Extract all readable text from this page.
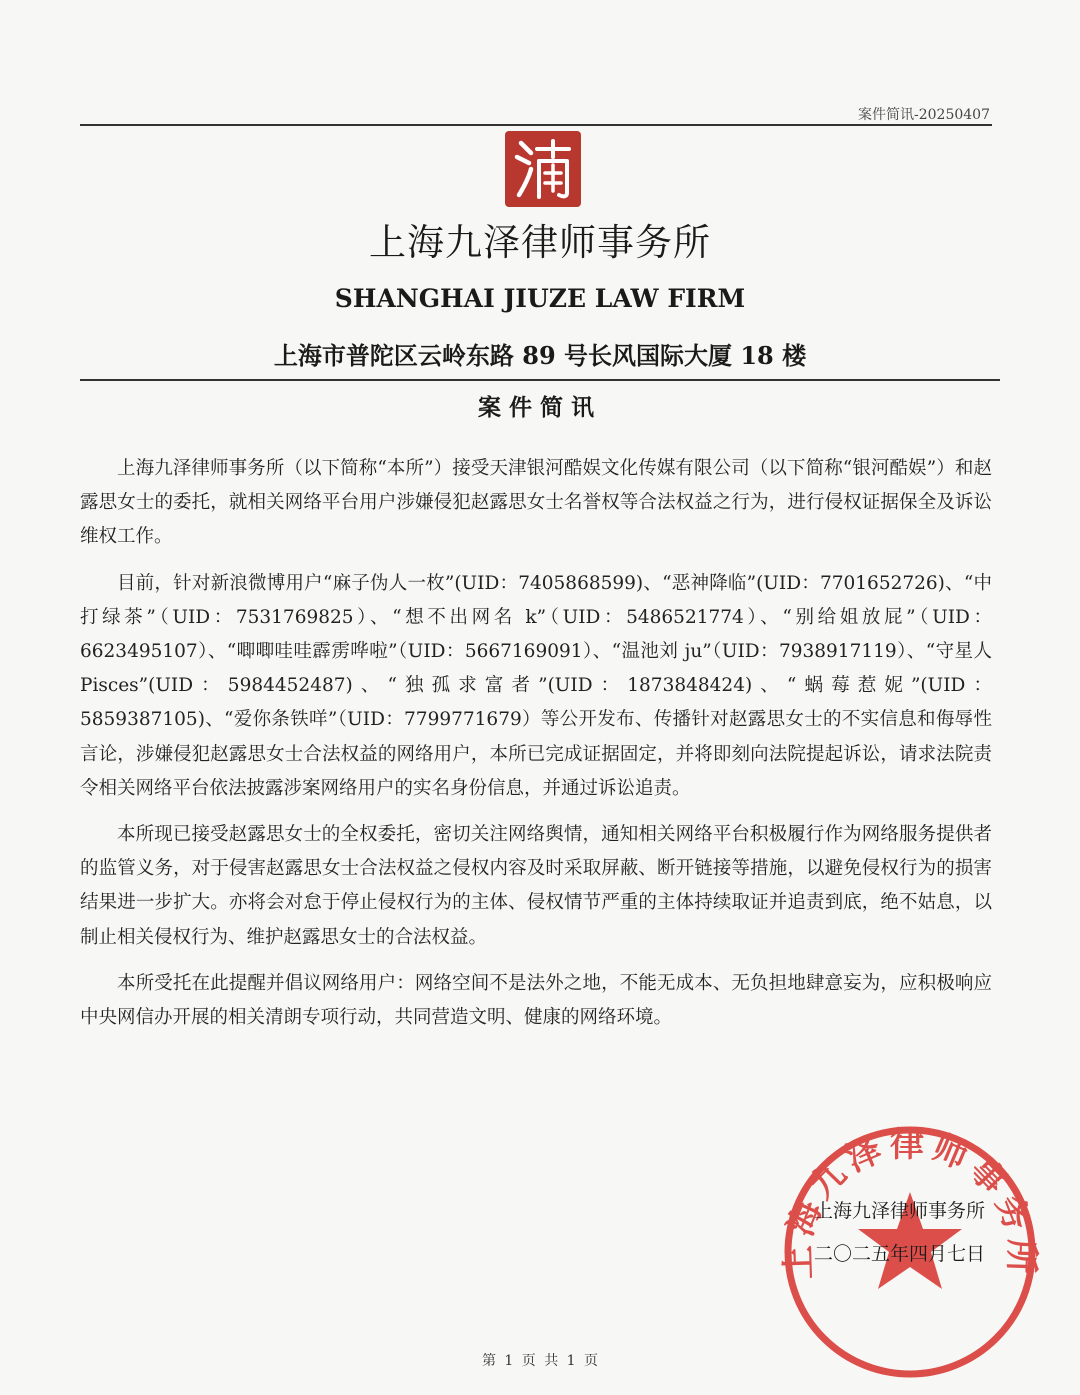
案件简讯-20250407
上海九泽律师事务所
SHANGHAI JIUZE LAW FIRM
上海市普陀区云岭东路 89 号长风国际大厦 18 楼
案件简讯

上海九泽律师事务所（以下简称“本所”）接受天津银河酷娱文化传媒有限公司（以下简称“银河酷娱”）和赵露思女士的委托，就相关网络平台用户涉嫌侵犯赵露思女士名誉权等合法权益之行为，进行侵权证据保全及诉讼维权工作。

目前，针对新浪微博用户“麻子伪人一枚”(UID：7405868599)、“恶神降临”(UID：7701652726)、“中打绿茶”（UID：7531769825）、“想不出网名 k”（UID：5486521774）、“别给姐放屁”（UID：6623495107）、“唧唧哇哇霹雳哗啦”（UID：5667169091）、“温池刘 ju”（UID：7938917119）、“守星人 Pisces”(UID：5984452487)、“独孤求富者”(UID：1873848424)、“蜗莓惹妮”(UID：5859387105)、“爱你条铁咩”（UID：7799771679）等公开发布、传播针对赵露思女士的不实信息和侮辱性言论，涉嫌侵犯赵露思女士合法权益的网络用户，本所已完成证据固定，并将即刻向法院提起诉讼，请求法院责令相关网络平台依法披露涉案网络用户的实名身份信息，并通过诉讼追责。

本所现已接受赵露思女士的全权委托，密切关注网络舆情，通知相关网络平台积极履行作为网络服务提供者的监管义务，对于侵害赵露思女士合法权益之侵权内容及时采取屏蔽、断开链接等措施，以避免侵权行为的损害结果进一步扩大。亦将会对怠于停止侵权行为的主体、侵权情节严重的主体持续取证并追责到底，绝不姑息，以制止相关侵权行为、维护赵露思女士的合法权益。

本所受托在此提醒并倡议网络用户：网络空间不是法外之地，不能无成本、无负担地肆意妄为，应积极响应中央网信办开展的相关清朗专项行动，共同营造文明、健康的网络环境。

上海九泽律师事务所
上海九泽律师事务所
二〇二五年四月七日
第 1 页 共 1 页
